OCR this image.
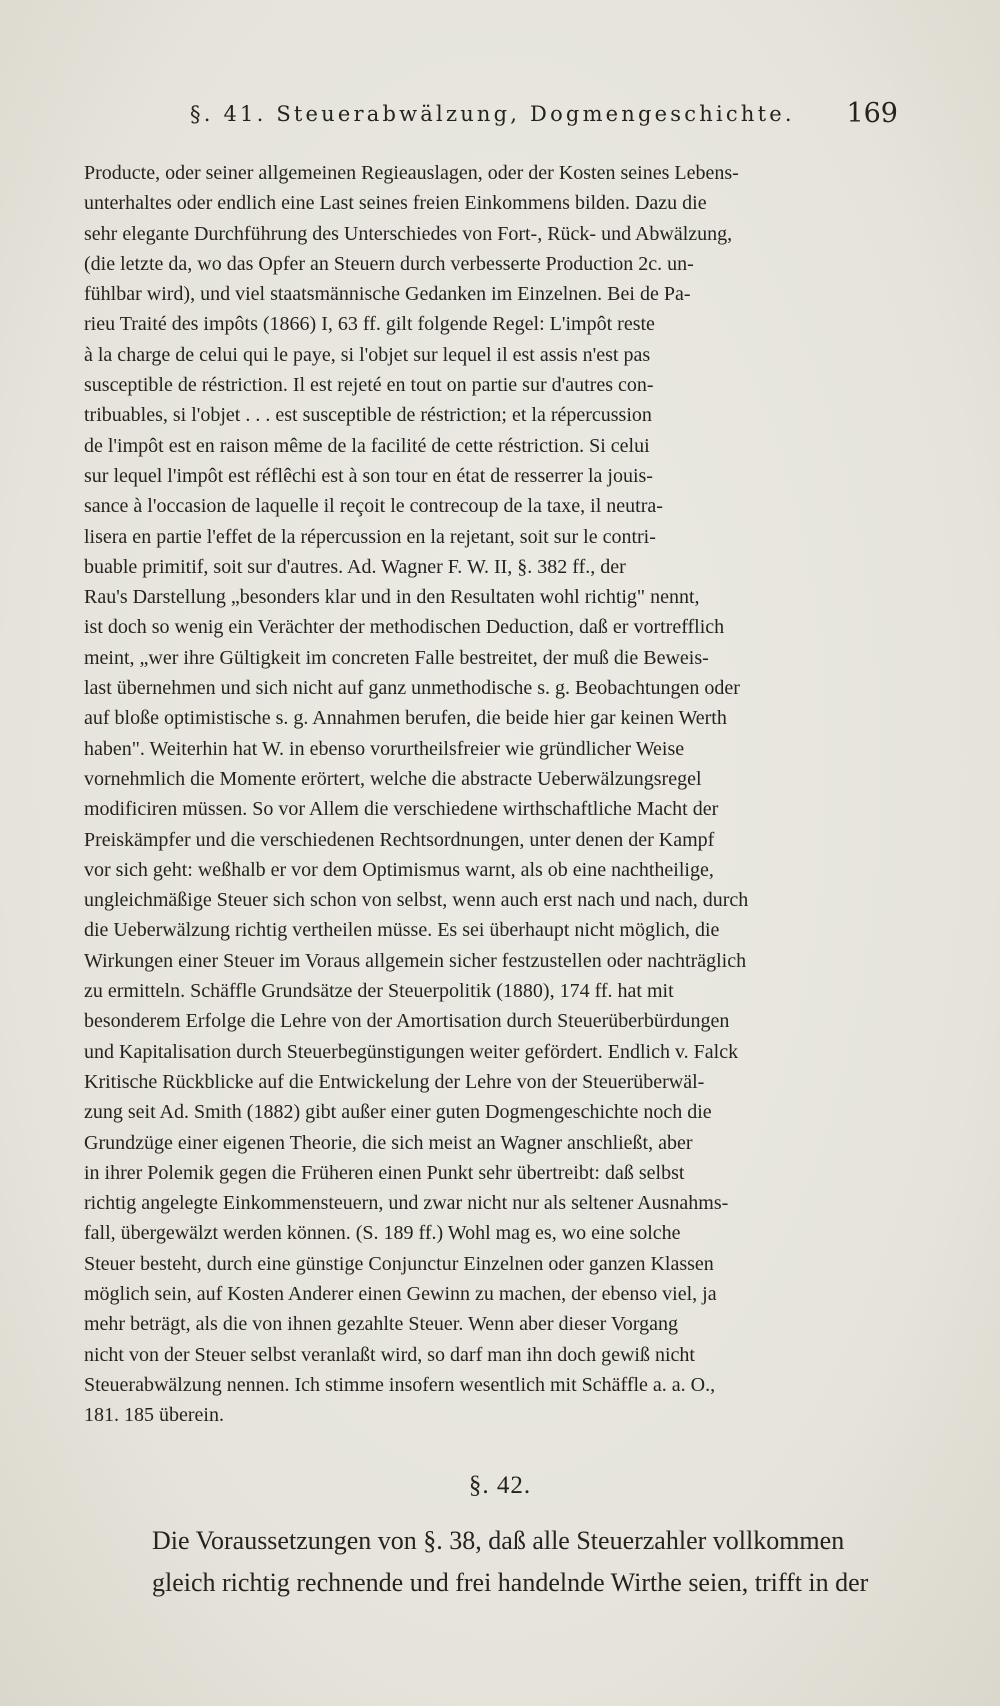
§. 41. Steuerabwälzung, Dogmengeschichte. 169
Producte, oder seiner allgemeinen Regieauslagen, oder der Kosten seines Lebens-
unterhaltes oder endlich eine Last seines freien Einkommens bilden. Dazu die
sehr elegante Durchführung des Unterschiedes von Fort-, Rück- und Abwälzung,
(die letzte da, wo das Opfer an Steuern durch verbesserte Production 2c. un-
fühlbar wird), und viel staatsmännische Gedanken im Einzelnen. Bei de Pa-
rieu Traité des impôts (1866) I, 63 ff. gilt folgende Regel: L'impôt reste
à la charge de celui qui le paye, si l'objet sur lequel il est assis n'est pas
susceptible de réstriction. Il est rejeté en tout on partie sur d'autres con-
tribuables, si l'objet . . . est susceptible de réstriction; et la répercussion
de l'impôt est en raison même de la facilité de cette réstriction. Si celui
sur lequel l'impôt est réflêchi est à son tour en état de resserrer la jouis-
sance à l'occasion de laquelle il reçoit le contrecoup de la taxe, il neutra-
lisera en partie l'effet de la répercussion en la rejetant, soit sur le contri-
buable primitif, soit sur d'autres. Ad. Wagner F. W. II, §. 382 ff., der
Rau's Darstellung „besonders klar und in den Resultaten wohl richtig" nennt,
ist doch so wenig ein Verächter der methodischen Deduction, daß er vortrefflich
meint, „wer ihre Gültigkeit im concreten Falle bestreitet, der muß die Beweis-
last übernehmen und sich nicht auf ganz unmethodische s. g. Beobachtungen oder
auf bloße optimistische s. g. Annahmen berufen, die beide hier gar keinen Werth
haben". Weiterhin hat W. in ebenso vorurtheilsfreier wie gründlicher Weise
vornehmlich die Momente erörtert, welche die abstracte Ueberwälzungsregel
modificiren müssen. So vor Allem die verschiedene wirthschaftliche Macht der
Preiskämpfer und die verschiedenen Rechtsordnungen, unter denen der Kampf
vor sich geht: weßhalb er vor dem Optimismus warnt, als ob eine nachtheilige,
ungleichmäßige Steuer sich schon von selbst, wenn auch erst nach und nach, durch
die Ueberwälzung richtig vertheilen müsse. Es sei überhaupt nicht möglich, die
Wirkungen einer Steuer im Voraus allgemein sicher festzustellen oder nachträglich
zu ermitteln. Schäffle Grundsätze der Steuerpolitik (1880), 174 ff. hat mit
besonderem Erfolge die Lehre von der Amortisation durch Steuerüberbürdungen
und Kapitalisation durch Steuerbegünstigungen weiter gefördert. Endlich v. Falck
Kritische Rückblicke auf die Entwickelung der Lehre von der Steuerüberwäl-
zung seit Ad. Smith (1882) gibt außer einer guten Dogmengeschichte noch die
Grundzüge einer eigenen Theorie, die sich meist an Wagner anschließt, aber
in ihrer Polemik gegen die Früheren einen Punkt sehr übertreibt: daß selbst
richtig angelegte Einkommensteuern, und zwar nicht nur als seltener Ausnahms-
fall, übergewälzt werden können. (S. 189 ff.) Wohl mag es, wo eine solche
Steuer besteht, durch eine günstige Conjunctur Einzelnen oder ganzen Klassen
möglich sein, auf Kosten Anderer einen Gewinn zu machen, der ebenso viel, ja
mehr beträgt, als die von ihnen gezahlte Steuer. Wenn aber dieser Vorgang
nicht von der Steuer selbst veranlaßt wird, so darf man ihn doch gewiß nicht
Steuerabwälzung nennen. Ich stimme insofern wesentlich mit Schäffle a. a. O.,
181. 185 überein.
§. 42.
Die Voraussetzungen von §. 38, daß alle Steuerzahler vollkommen
gleich richtig rechnende und frei handelnde Wirthe seien, trifft in der
